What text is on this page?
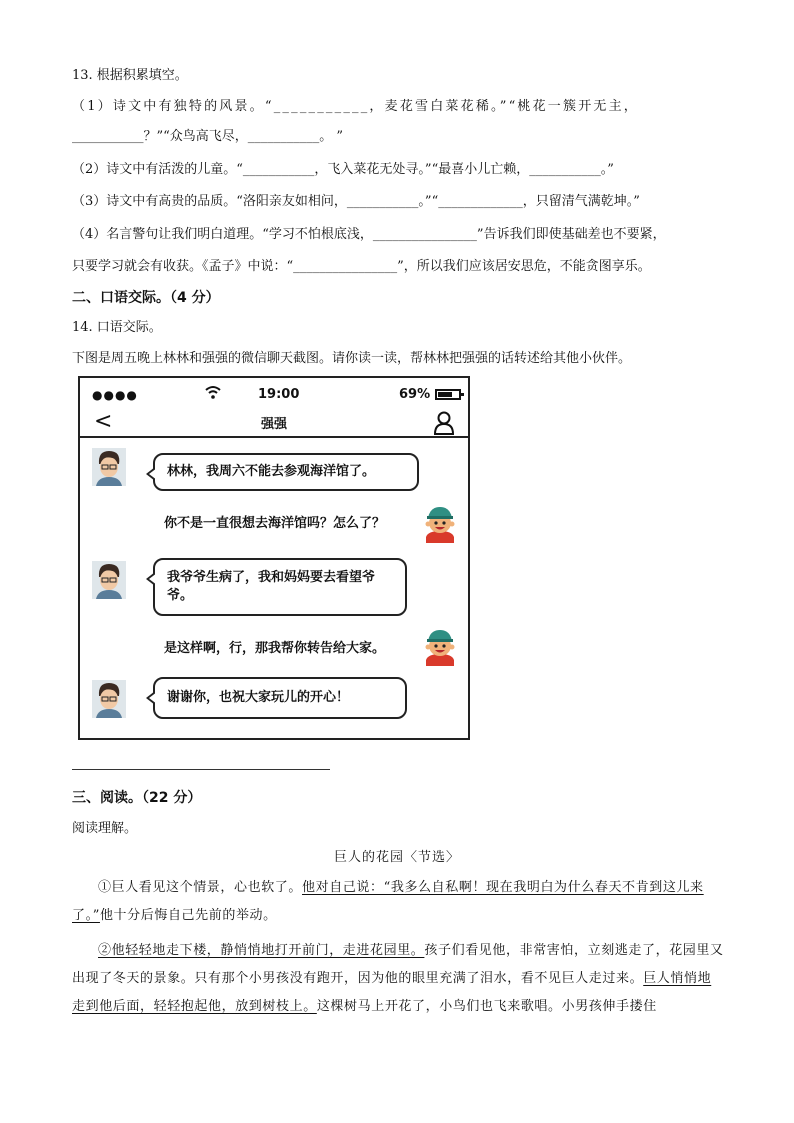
13. 根据积累填空。
（1）诗文中有独特的风景。“___________，麦花雪白菜花稀。”“桃花一簇开无主，
___________？”“众鸟高飞尽，___________。 ”
（2）诗文中有活泼的儿童。“___________，飞入菜花无处寻。”“最喜小儿亡赖，___________。”
（3）诗文中有高贵的品质。“洛阳亲友如相问，___________。”“_____________，只留清气满乾坤。”
（4）名言警句让我们明白道理。“学习不怕根底浅，________________”告诉我们即使基础差也不要紧，
只要学习就会有收获。《孟子》中说：“________________”，所以我们应该居安思危，不能贪图享乐。
二、口语交际。（4 分）
14. 口语交际。
下图是周五晚上林林和强强的微信聊天截图。请你读一读，帮林林把强强的话转述给其他小伙伴。
●●●●	19:00	69%
<	强强
林林，我周六不能去参观海洋馆了。
你不是一直很想去海洋馆吗？怎么了？
我爷爷生病了，我和妈妈要去看望爷爷。
是这样啊，行，那我帮你转告给大家。
谢谢你，也祝大家玩儿的开心！
三、阅读。（22 分）
阅读理解。
巨人的花园〈节选〉
①巨人看见这个情景，心也软了。他对自己说：“我多么自私啊！现在我明白为什么春天不肯到这儿来了。”他十分后悔自己先前的举动。
②他轻轻地走下楼，静悄悄地打开前门，走进花园里。孩子们看见他，非常害怕，立刻逃走了，花园里又出现了冬天的景象。只有那个小男孩没有跑开，因为他的眼里充满了泪水，看不见巨人走过来。巨人悄悄地走到他后面，轻轻抱起他，放到树枝上。这棵树马上开花了，小鸟们也飞来歌唱。小男孩伸手搂住
